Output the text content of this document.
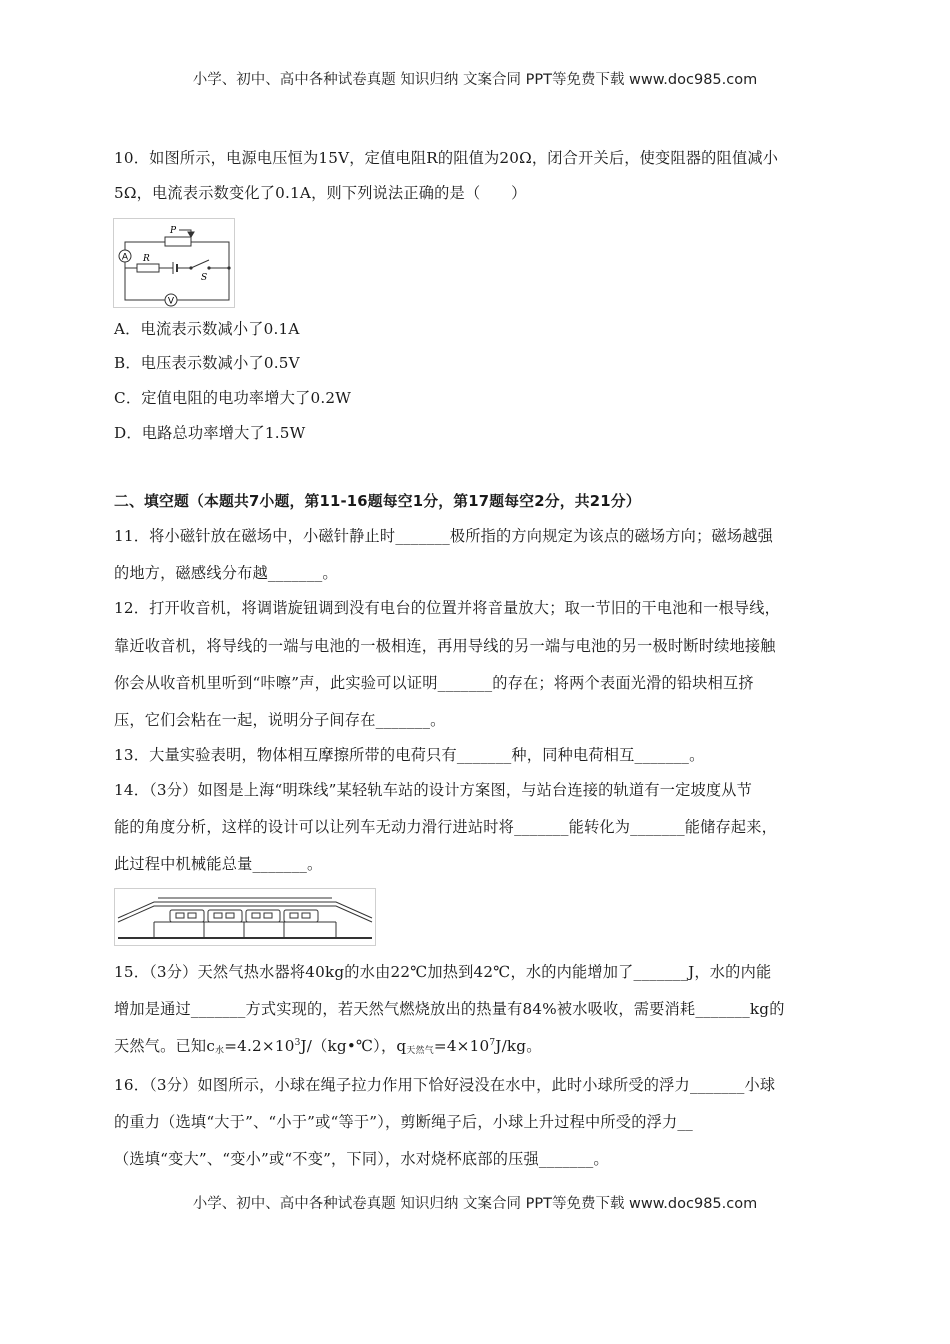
小学、初中、高中各种试卷真题 知识归纳 文案合同 PPT等免费下载 www.doc985.com
10．如图所示，电源电压恒为15V，定值电阻R的阻值为20Ω，闭合开关后，使变阻器的阻值减小
5Ω，电流表示数变化了0.1A，则下列说法正确的是（　　）
A
V
P
R
S
A．电流表示数减小了0.1A
B．电压表示数减小了0.5V
C．定值电阻的电功率增大了0.2W
D．电路总功率增大了1.5W
二、填空题（本题共7小题，第11-16题每空1分，第17题每空2分，共21分）
11．将小磁针放在磁场中，小磁针静止时_______极所指的方向规定为该点的磁场方向；磁场越强
的地方，磁感线分布越_______。
12．打开收音机，将调谐旋钮调到没有电台的位置并将音量放大；取一节旧的干电池和一根导线，
靠近收音机，将导线的一端与电池的一极相连，再用导线的另一端与电池的另一极时断时续地接触
你会从收音机里听到“咔嚓”声，此实验可以证明_______的存在；将两个表面光滑的铅块相互挤
压，它们会粘在一起，说明分子间存在_______。
13．大量实验表明，物体相互摩擦所带的电荷只有_______种，同种电荷相互_______。
14．（3分）如图是上海“明珠线”某轻轨车站的设计方案图，与站台连接的轨道有一定坡度从节
能的角度分析，这样的设计可以让列车无动力滑行进站时将_______能转化为_______能储存起来，
此过程中机械能总量_______。
15．（3分）天然气热水器将40kg的水由22℃加热到42℃，水的内能增加了_______J，水的内能
增加是通过_______方式实现的，若天然气燃烧放出的热量有84%被水吸收，需要消耗_______kg的
天然气。已知$c_水=4.2\times 10^3J/(kg•℃)$，$q_{天然气}=4\times 10^7J/kg$。
16．（3分）如图所示，小球在绳子拉力作用下恰好浸没在水中，此时小球所受的浮力_______小球
的重力（选填“大于”、“小于”或“等于”），剪断绳子后，小球上升过程中所受的浮力__
（选填“变大”、“变小”或“不变”，下同），水对烧杯底部的压强_______。
小学、初中、高中各种试卷真题 知识归纳 文案合同 PPT等免费下载 www.doc985.com
